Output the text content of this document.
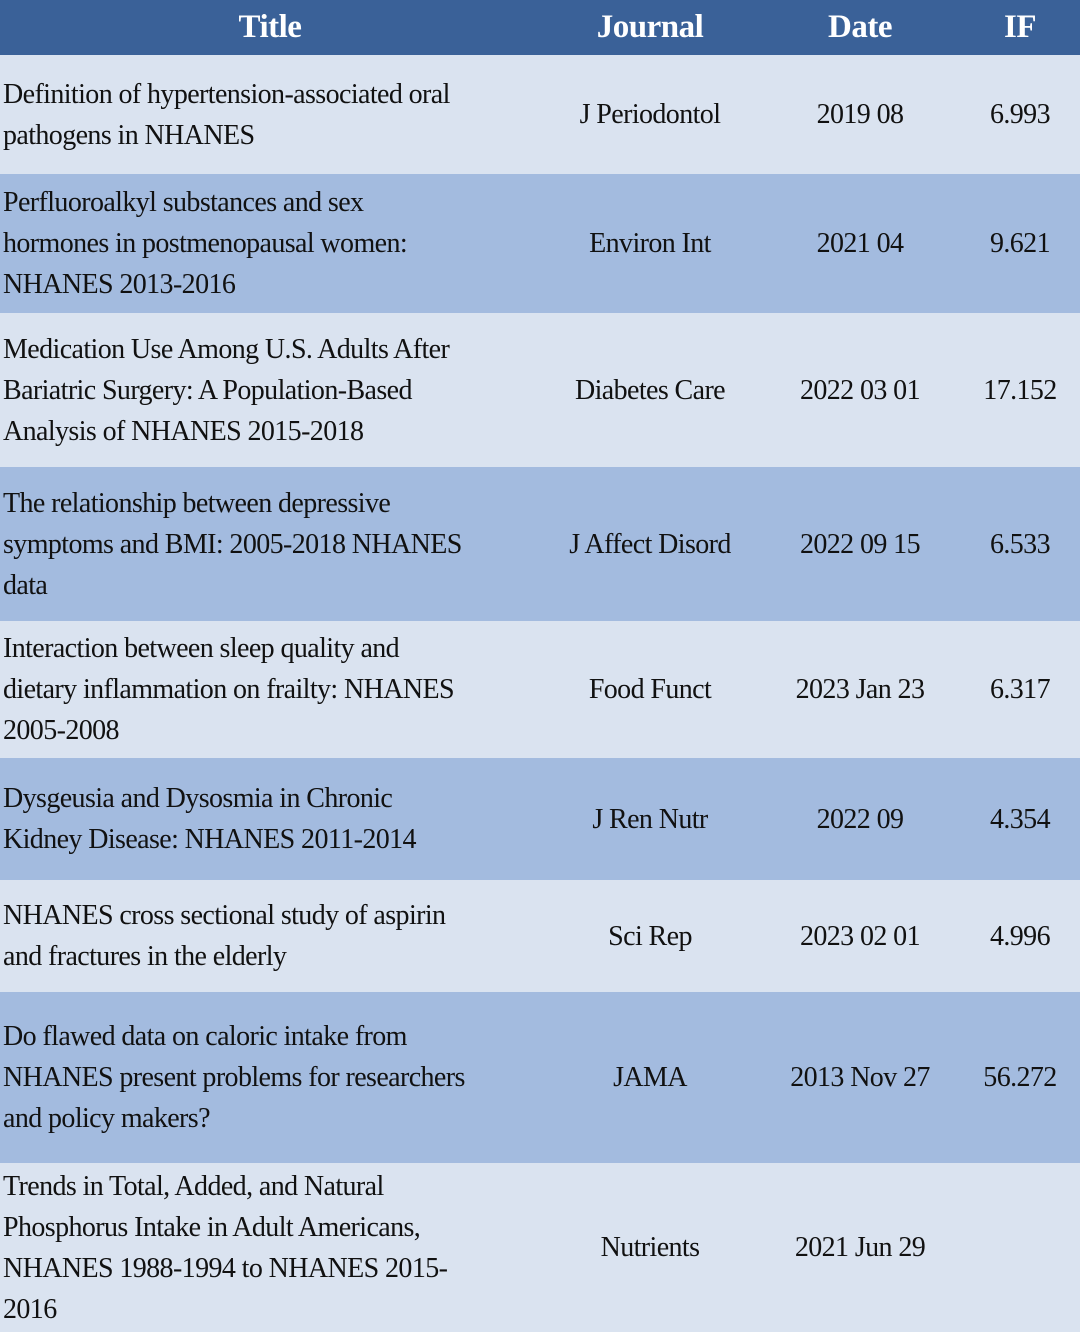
Title	Journal	Date	IF

Definition of hypertension-associated oral
pathogens in NHANES	J Periodontol	2019 08	6.993

Perfluoroalkyl substances and sex
hormones in postmenopausal women:
NHANES 2013-2016	Environ Int	2021 04	9.621

Medication Use Among U.S. Adults After
Bariatric Surgery: A Population-Based
Analysis of NHANES 2015-2018	Diabetes Care	2022 03 01	17.152

The relationship between depressive
symptoms and BMI: 2005-2018 NHANES
data	J Affect Disord	2022 09 15	6.533

Interaction between sleep quality and
dietary inflammation on frailty: NHANES
2005-2008	Food Funct	2023 Jan 23	6.317

Dysgeusia and Dysosmia in Chronic
Kidney Disease: NHANES 2011-2014	J Ren Nutr	2022 09	4.354

NHANES cross sectional study of aspirin
and fractures in the elderly	Sci Rep	2023 02 01	4.996

Do flawed data on caloric intake from
NHANES present problems for researchers
and policy makers?	JAMA	2013 Nov 27	56.272

Trends in Total, Added, and Natural
Phosphorus Intake in Adult Americans,
NHANES 1988-1994 to NHANES 2015-
2016	Nutrients	2021 Jun 29	
